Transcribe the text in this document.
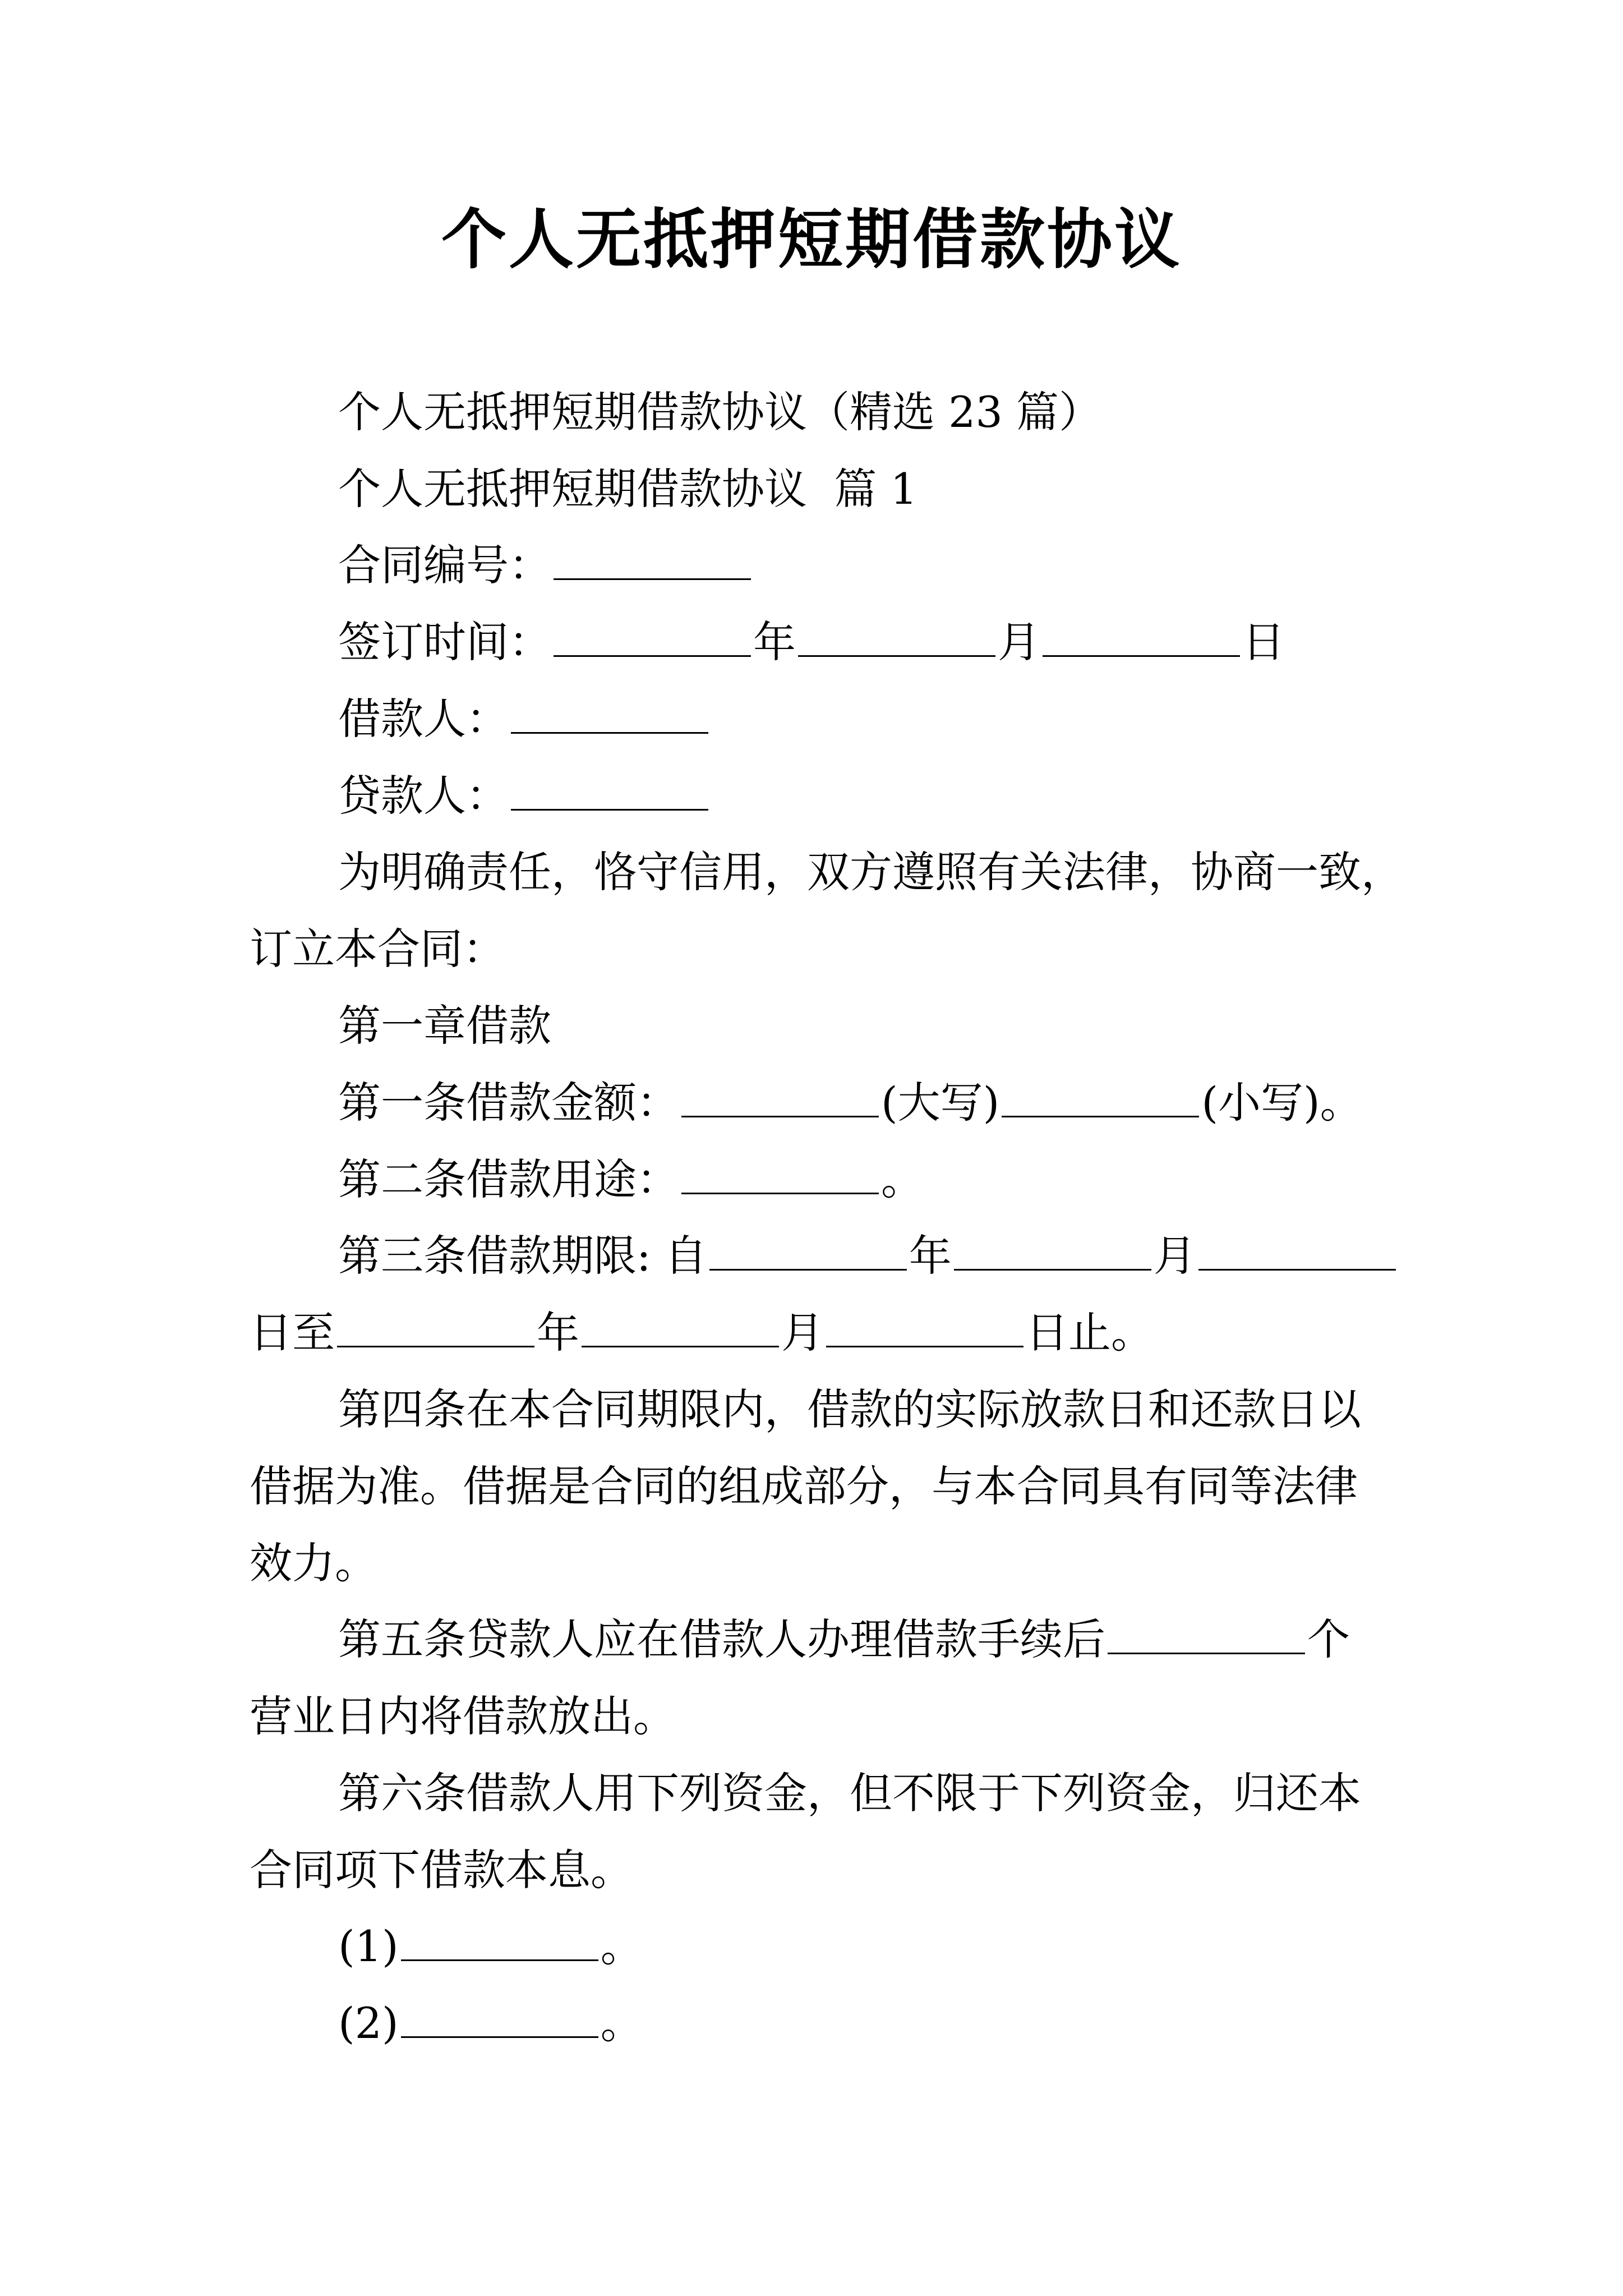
个人无抵押短期借款协议
个人无抵押短期借款协议（精选 23 篇）
个人无抵押短期借款协议  篇 1
合同编号：
签订时间：	年	月	日
借款人：
贷款人：
为明确责任，恪守信用，双方遵照有关法律，协商一致，
订立本合同：
第一章借款
第一条借款金额：	(大写)	(小写)。
第二条借款用途：	。
第三条借款期限: 自	年	月
日至	年	月	日止。
第四条在本合同期限内，借款的实际放款日和还款日以
借据为准。借据是合同的组成部分，与本合同具有同等法律
效力。
第五条贷款人应在借款人办理借款手续后	个
营业日内将借款放出。
第六条借款人用下列资金，但不限于下列资金，归还本
合同项下借款本息。
(1)	。
(2)	。
